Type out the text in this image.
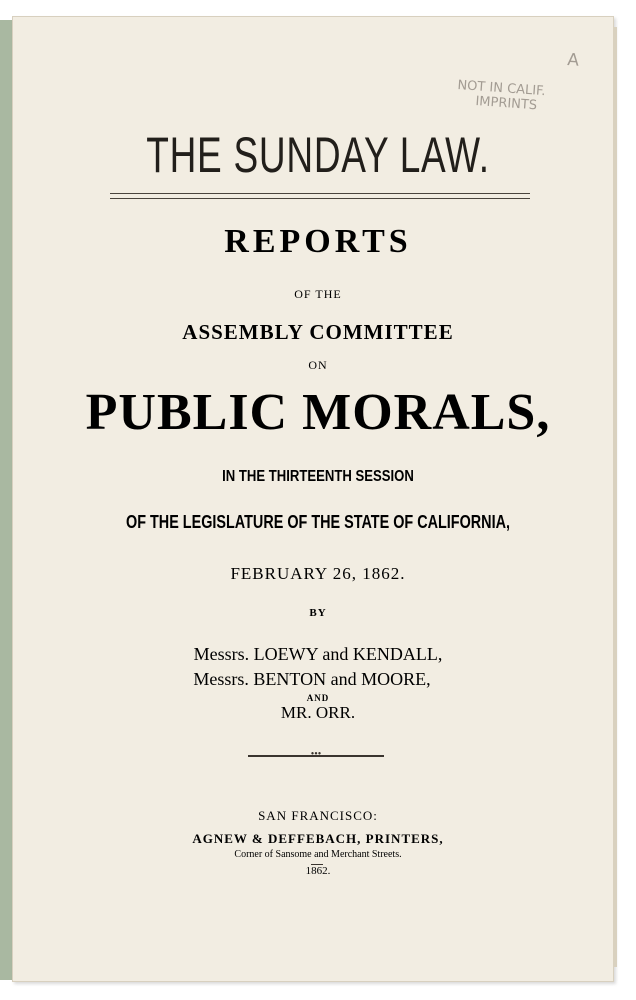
A
NOT IN CALIF.
IMPRINTS
THE SUNDAY LAW.
REPORTS
OF THE
ASSEMBLY COMMITTEE
ON
PUBLIC MORALS,
IN THE THIRTEENTH SESSION
OF THE LEGISLATURE OF THE STATE OF CALIFORNIA,
FEBRUARY 26, 1862.
BY
Messrs. LOEWY and KENDALL,
Messrs. BENTON and MOORE,
AND
MR. ORR.
•••
SAN FRANCISCO:
AGNEW & DEFFEBACH, PRINTERS,
Corner of Sansome and Merchant Streets.
1862.
